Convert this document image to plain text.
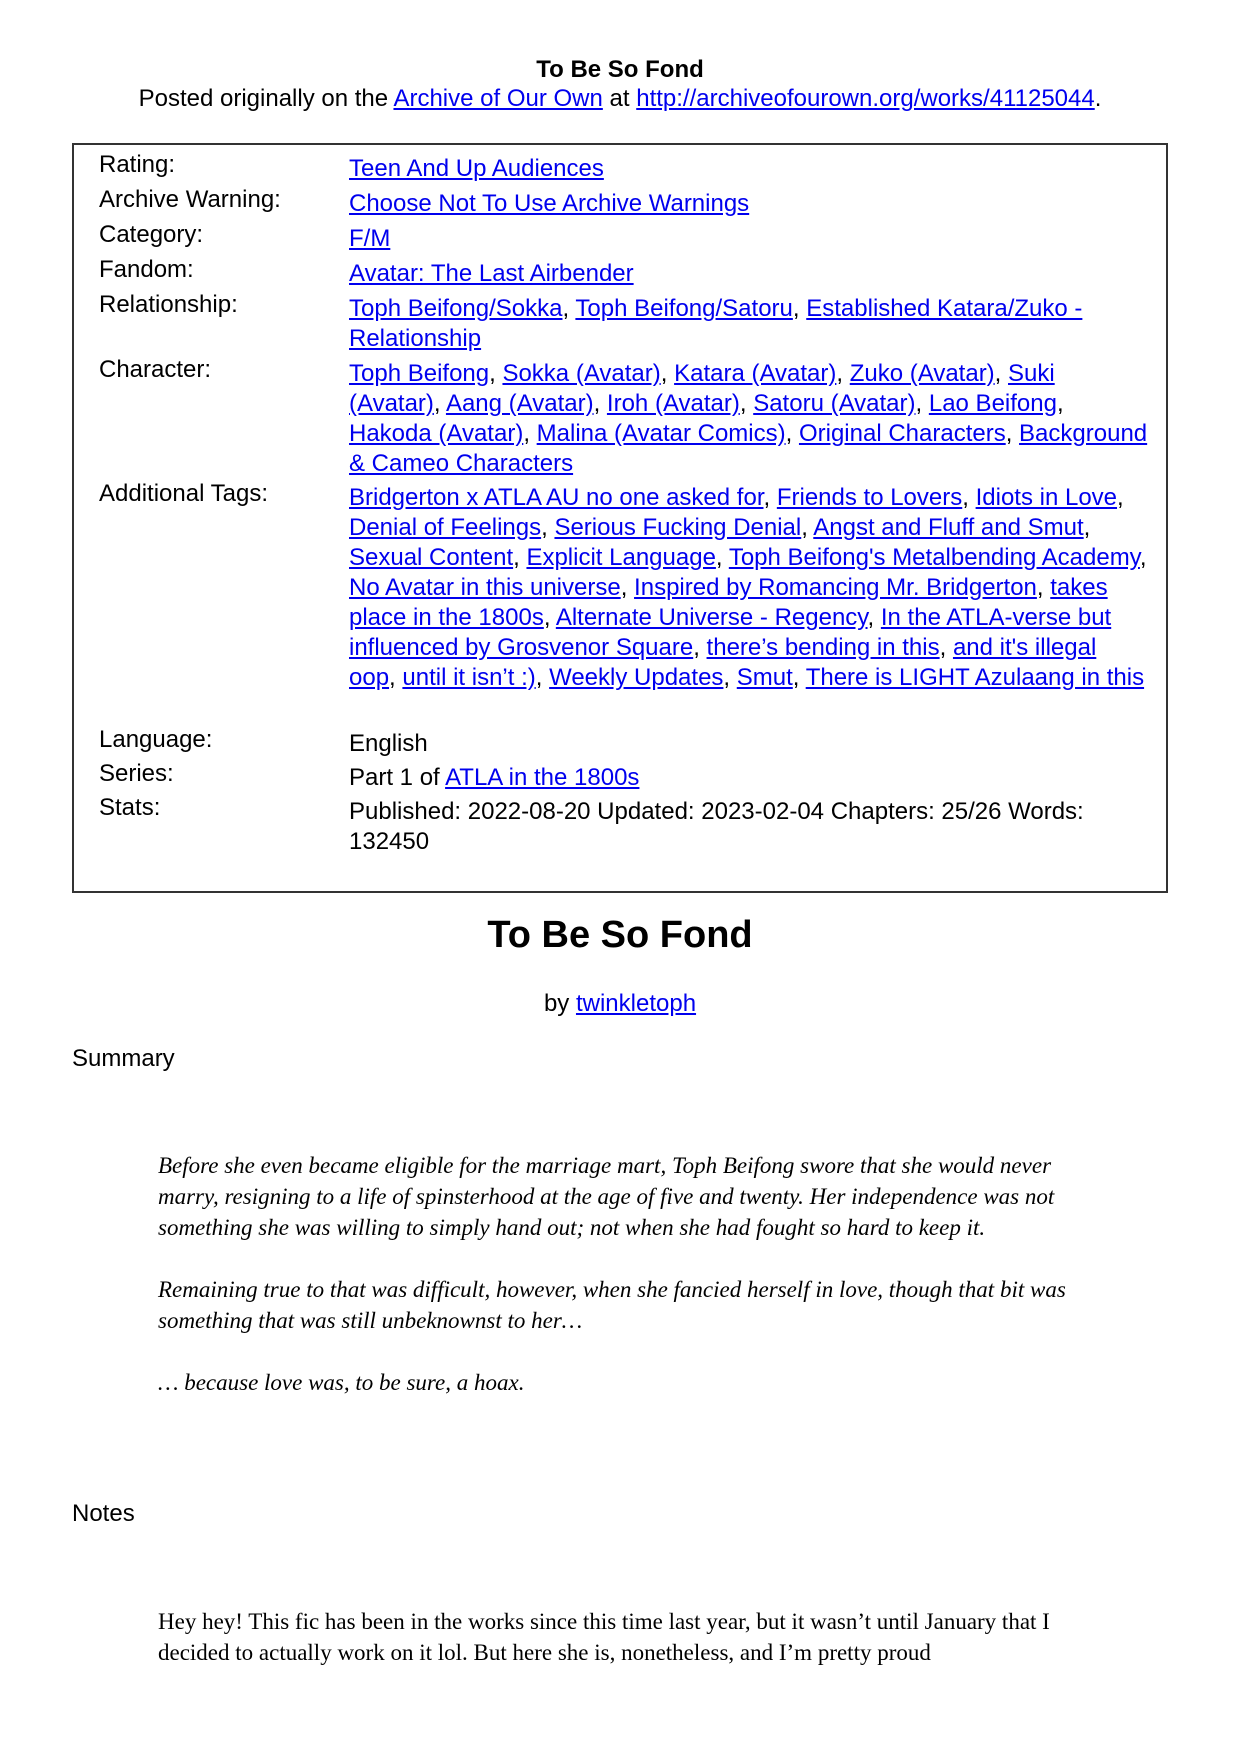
To Be So Fond
Posted originally on the Archive of Our Own at http://archiveofourown.org/works/41125044.
Rating:	Teen And Up Audiences
Archive Warning:	Choose Not To Use Archive Warnings
Category:	F/M
Fandom:	Avatar: The Last Airbender
Relationship:	Toph Beifong/Sokka, Toph Beifong/Satoru, Established Katara/Zuko - Relationship
Character:	Toph Beifong, Sokka (Avatar), Katara (Avatar), Zuko (Avatar), Suki (Avatar), Aang (Avatar), Iroh (Avatar), Satoru (Avatar), Lao Beifong, Hakoda (Avatar), Malina (Avatar Comics), Original Characters, Background & Cameo Characters
Additional Tags:	Bridgerton x ATLA AU no one asked for, Friends to Lovers, Idiots in Love, Denial of Feelings, Serious Fucking Denial, Angst and Fluff and Smut, Sexual Content, Explicit Language, Toph Beifong's Metalbending Academy, No Avatar in this universe, Inspired by Romancing Mr. Bridgerton, takes place in the 1800s, Alternate Universe - Regency, In the ATLA-verse but influenced by Grosvenor Square, there’s bending in this, and it's illegal oop, until it isn’t :), Weekly Updates, Smut, There is LIGHT Azulaang in this
Language:	English
Series:	Part 1 of ATLA in the 1800s
Stats:	Published: 2022-08-20 Updated: 2023-02-04 Chapters: 25/26 Words: 132450
To Be So Fond
by twinkletoph
Summary

Before she even became eligible for the marriage mart, Toph Beifong swore that she would never marry, resigning to a life of spinsterhood at the age of five and twenty. Her independence was not something she was willing to simply hand out; not when she had fought so hard to keep it.

Remaining true to that was difficult, however, when she fancied herself in love, though that bit was something that was still unbeknownst to her…

… because love was, to be sure, a hoax.

Notes

Hey hey! This fic has been in the works since this time last year, but it wasn’t until January that I decided to actually work on it lol. But here she is, nonetheless, and I’m pretty proud
